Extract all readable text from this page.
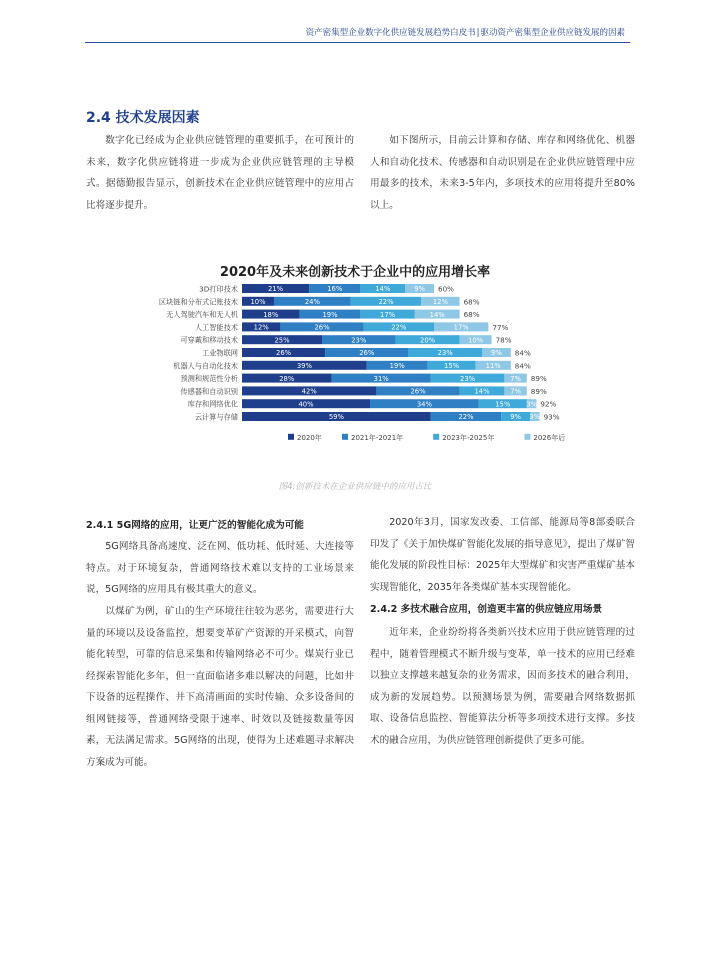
资产密集型企业数字化供应链发展趋势白皮书|驱动资产密集型企业供应链发展的因素
2.4 技术发展因素
数字化已经成为企业供应链管理的重要抓手，在可预计的未来，数字化供应链将进一步成为企业供应链管理的主导模式。据德勤报告显示，创新技术在企业供应链管理中的应用占比将逐步提升。
如下图所示，目前云计算和存储、库存和网络优化、机器人和自动化技术、传感器和自动识别是在企业供应链管理中应用最多的技术，未来3-5年内，多项技术的应用将提升至80%以上。
2020年及未来创新技术于企业中的应用增长率
3D打印技术	21%	16%	14%	9% 60%
区块链和分布式记账技术 10%	24%	22%	12% 68%
无人驾驶汽车和无人机	18%	19%	17%	14%	68%
人工智能技术 12%	26%	22%	17%	77%
可穿戴和移动技术	25%	23%	20%	10% 78%
工业物联网	26%	26%	23%	9% 84%
机器人与自动化技术	39%	19%	15%	11% 84%
预测和规范性分析	28%	31%	23%	7% 89%
传感器和自动识别	42%	26%	14%	7% 89%
库存和网络优化	40%	34%	15% 3% 92%
云计算与存储	59%	22%	9% 3% 93%
2020年	2021年-2021年	2023年-2025年	2026年后
图4:创新技术在企业供应链中的应用占比
2.4.1 5G网络的应用，让更广泛的智能化成为可能
5G网络具备高速度、泛在网、低功耗、低时延、大连接等特点。对于环境复杂，普通网络技术难以支持的工业场景来说，5G网络的应用具有极其重大的意义。
以煤矿为例，矿山的生产环境往往较为恶劣，需要进行大量的环境以及设备监控，想要变革矿产资源的开采模式，向智能化转型，可靠的信息采集和传输网络必不可少。煤炭行业已经探索智能化多年，但一直面临诸多难以解决的问题，比如井下设备的远程操作、井下高清画面的实时传输、众多设备间的组网链接等，普通网络受限于速率、时效以及链接数量等因素，无法满足需求。5G网络的出现，使得为上述难题寻求解决方案成为可能。
2020年3月，国家发改委、工信部、能源局等8部委联合印发了《关于加快煤矿智能化发展的指导意见》，提出了煤矿智能化发展的阶段性目标：2025年大型煤矿和灾害严重煤矿基本实现智能化，2035年各类煤矿基本实现智能化。
2.4.2 多技术融合应用，创造更丰富的供应链应用场景
近年来，企业纷纷将各类新兴技术应用于供应链管理的过程中，随着管理模式不断升级与变革，单一技术的应用已经难以独立支撑越来越复杂的业务需求，因而多技术的融合利用，成为新的发展趋势。以预测场景为例，需要融合网络数据抓取、设备信息监控、智能算法分析等多项技术进行支撑。多技术的融合应用，为供应链管理创新提供了更多可能。
